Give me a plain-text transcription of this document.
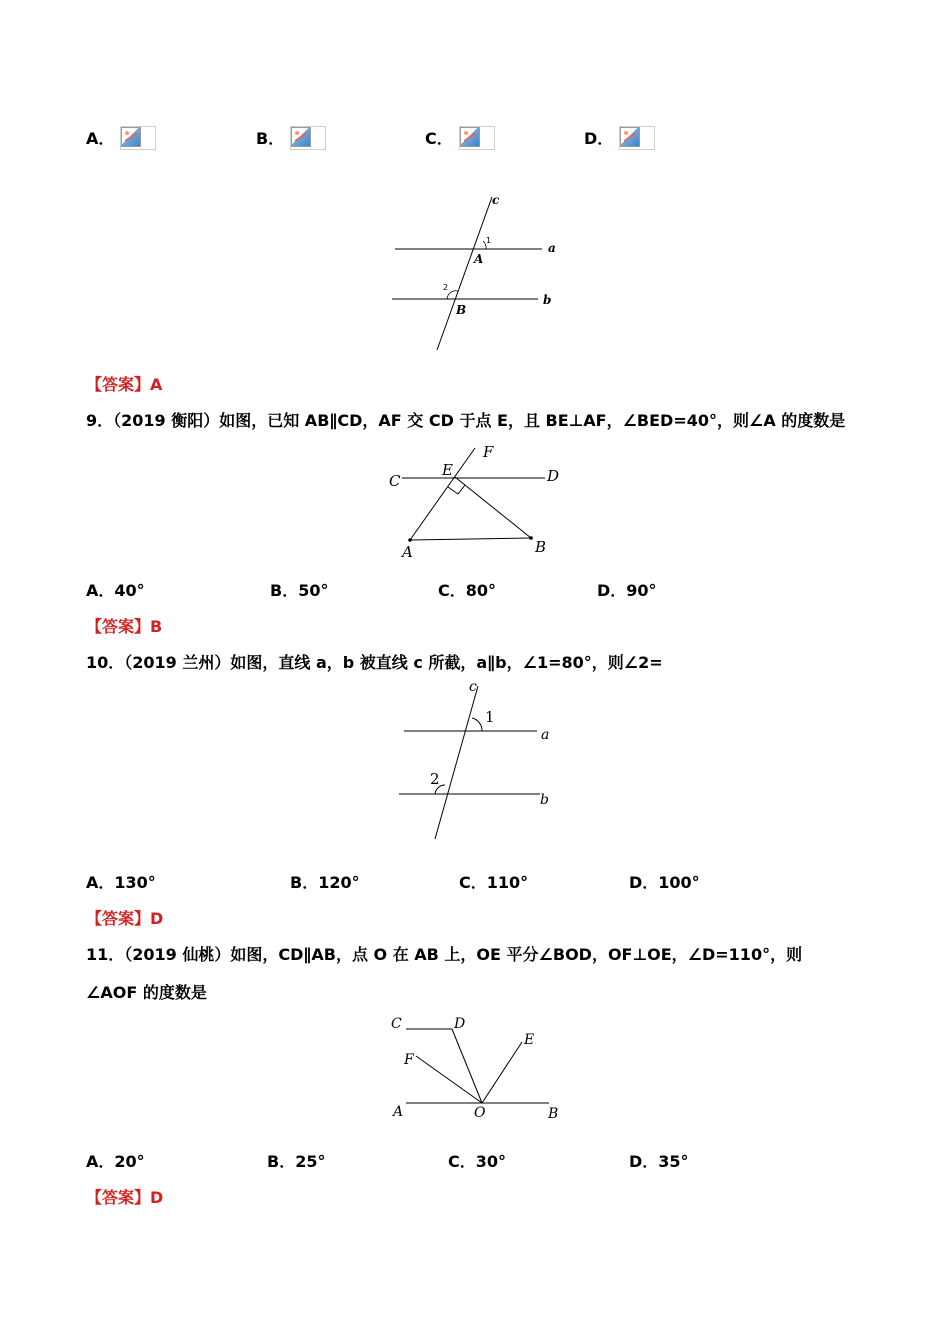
A．	B．	C．	D．
c
a
b
A
B
1
2
【答案】A
9．（2019 衡阳）如图，已知 AB∥CD，AF 交 CD 于点 E，且 BE⊥AF，∠BED=40°，则∠A 的度数是
C
E
F
D
A	B
A．40°	B．50°	C．80°	D．90°
【答案】B
10．（2019 兰州）如图，直线 a，b 被直线 c 所截，a∥b，∠1=80°，则∠2=
c
a
b
1
2
A．130°	B．120°	C．110°	D．100°
【答案】D
11．（2019 仙桃）如图，CD∥AB，点 O 在 AB 上，OE 平分∠BOD，OF⊥OE，∠D=110°，则
∠AOF 的度数是
C	D
E
F
A	O	B
A．20°	B．25°	C．30°	D．35°
【答案】D
